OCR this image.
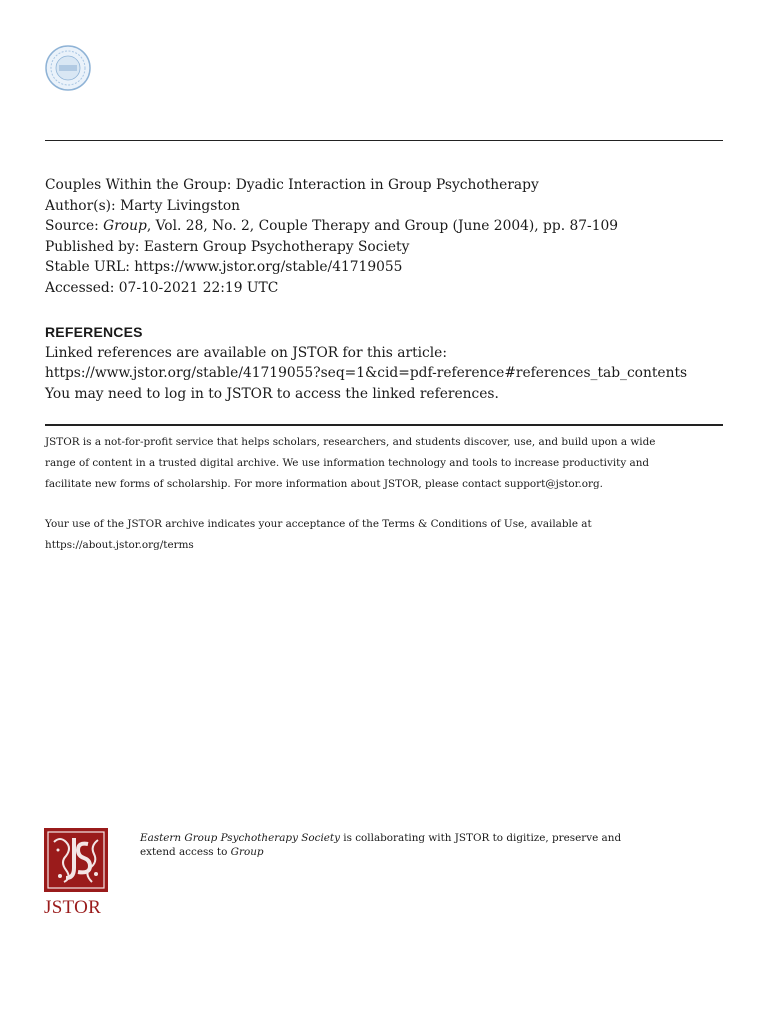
Couples Within the Group: Dyadic Interaction in Group Psychotherapy
Author(s): Marty Livingston
Source: Group, Vol. 28, No. 2, Couple Therapy and Group (June 2004), pp. 87-109
Published by: Eastern Group Psychotherapy Society
Stable URL: https://www.jstor.org/stable/41719055
Accessed: 07-10-2021 22:19 UTC
REFERENCES
Linked references are available on JSTOR for this article:
https://www.jstor.org/stable/41719055?seq=1&cid=pdf-reference#references_tab_contents
You may need to log in to JSTOR to access the linked references.
JSTOR is a not-for-profit service that helps scholars, researchers, and students discover, use, and build upon a wide
range of content in a trusted digital archive. We use information technology and tools to increase productivity and
facilitate new forms of scholarship. For more information about JSTOR, please contact support@jstor.org.
Your use of the JSTOR archive indicates your acceptance of the Terms & Conditions of Use, available at
https://about.jstor.org/terms
JSTOR
Eastern Group Psychotherapy Society is collaborating with JSTOR to digitize, preserve and
extend access to Group
